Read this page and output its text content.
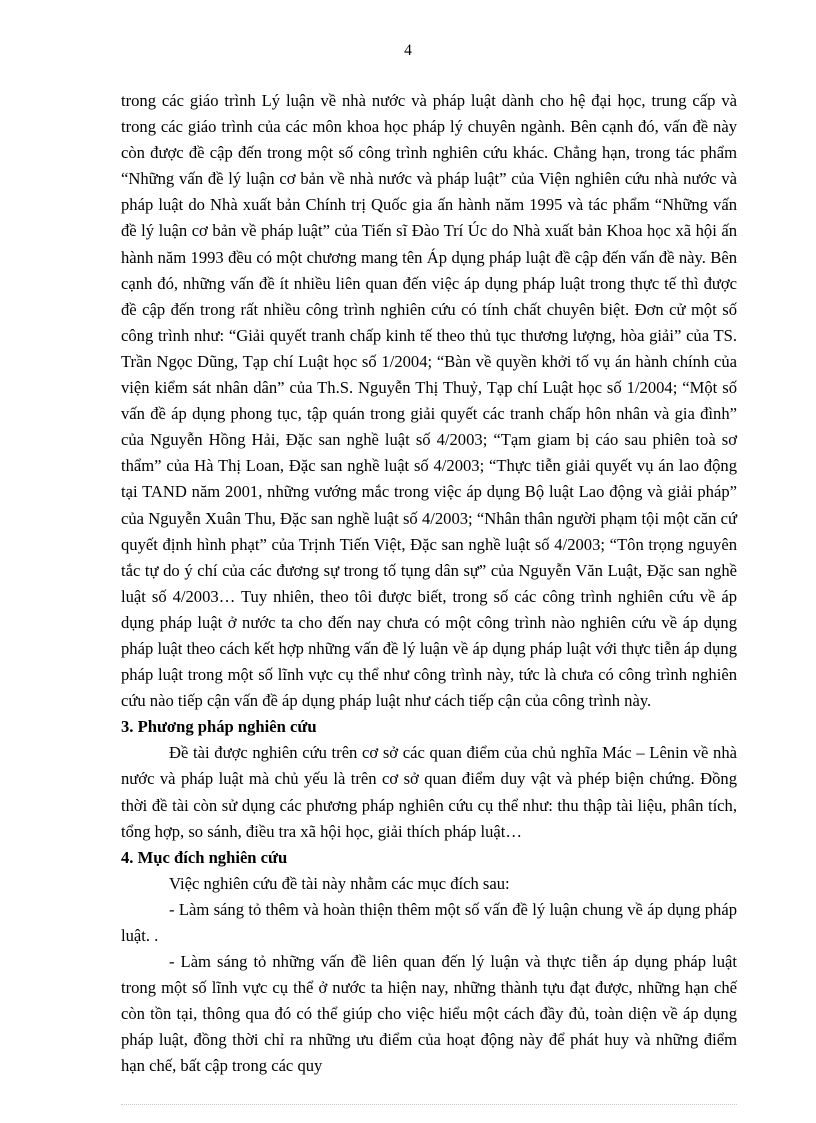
4

trong các giáo trình Lý luận về nhà nước và pháp luật dành cho hệ đại học, trung cấp và trong các giáo trình của các môn khoa học pháp lý chuyên ngành. Bên cạnh đó, vấn đề này còn được đề cập đến trong một số công trình nghiên cứu khác. Chẳng hạn, trong tác phẩm “Những vấn đề lý luận cơ bản về nhà nước và pháp luật” của Viện nghiên cứu nhà nước và pháp luật do Nhà xuất bản Chính trị Quốc gia ấn hành năm 1995 và tác phẩm “Những vấn đề lý luận cơ bản về pháp luật” của Tiến sĩ Đào Trí Úc do Nhà xuất bản Khoa học xã hội ấn hành năm 1993 đều có một chương mang tên Áp dụng pháp luật đề cập đến vấn đề này. Bên cạnh đó, những vấn đề ít nhiều liên quan đến việc áp dụng pháp luật trong thực tế thì được đề cập đến trong rất nhiều công trình nghiên cứu có tính chất chuyên biệt. Đơn cử một số công trình như: “Giải quyết tranh chấp kinh tế theo thủ tục thương lượng, hòa giải” của TS. Trần Ngọc Dũng, Tạp chí Luật học số 1/2004; “Bàn về quyền khởi tố vụ án hành chính của viện kiểm sát nhân dân” của Th.S. Nguyễn Thị Thuỷ, Tạp chí Luật học số 1/2004; “Một số vấn đề áp dụng phong tục, tập quán trong giải quyết các tranh chấp hôn nhân và gia đình” của Nguyễn Hồng Hải, Đặc san nghề luật số 4/2003; “Tạm giam bị cáo sau phiên toà sơ thẩm” của Hà Thị Loan, Đặc san nghề luật số 4/2003; “Thực tiễn giải quyết vụ án lao động tại TAND năm 2001, những vướng mắc trong việc áp dụng Bộ luật Lao động và giải pháp” của Nguyễn Xuân Thu, Đặc san nghề luật số 4/2003; “Nhân thân người phạm tội một căn cứ quyết định hình phạt” của Trịnh Tiến Việt, Đặc san nghề luật số 4/2003; “Tôn trọng nguyên tắc tự do ý chí của các đương sự trong tố tụng dân sự” của Nguyễn Văn Luật, Đặc san nghề luật số 4/2003… Tuy nhiên, theo tôi được biết, trong số các công trình nghiên cứu về áp dụng pháp luật ở nước ta cho đến nay chưa có một công trình nào nghiên cứu về áp dụng pháp luật theo cách kết hợp những vấn đề lý luận về áp dụng pháp luật với thực tiễn áp dụng pháp luật trong một số lĩnh vực cụ thể như công trình này, tức là chưa có công trình nghiên cứu nào tiếp cận vấn đề áp dụng pháp luật như cách tiếp cận của công trình này.

3. Phương pháp nghiên cứu

Đề tài được nghiên cứu trên cơ sở các quan điểm của chủ nghĩa Mác – Lênin về nhà nước và pháp luật mà chủ yếu là trên cơ sở quan điểm duy vật và phép biện chứng. Đồng thời đề tài còn sử dụng các phương pháp nghiên cứu cụ thể như: thu thập tài liệu, phân tích, tổng hợp, so sánh, điều tra xã hội học, giải thích pháp luật…

4. Mục đích nghiên cứu

Việc nghiên cứu đề tài này nhằm các mục đích sau:

- Làm sáng tỏ thêm và hoàn thiện thêm một số vấn đề lý luận chung về áp dụng pháp luật. .

- Làm sáng tỏ những vấn đề liên quan đến lý luận và thực tiễn áp dụng pháp luật trong một số lĩnh vực cụ thể ở nước ta hiện nay, những thành tựu đạt được, những hạn chế còn tồn tại, thông qua đó có thể giúp cho việc hiểu một cách đầy đủ, toàn diện về áp dụng pháp luật, đồng thời chỉ ra những ưu điểm của hoạt động này để phát huy và những điểm hạn chế, bất cập trong các quy
